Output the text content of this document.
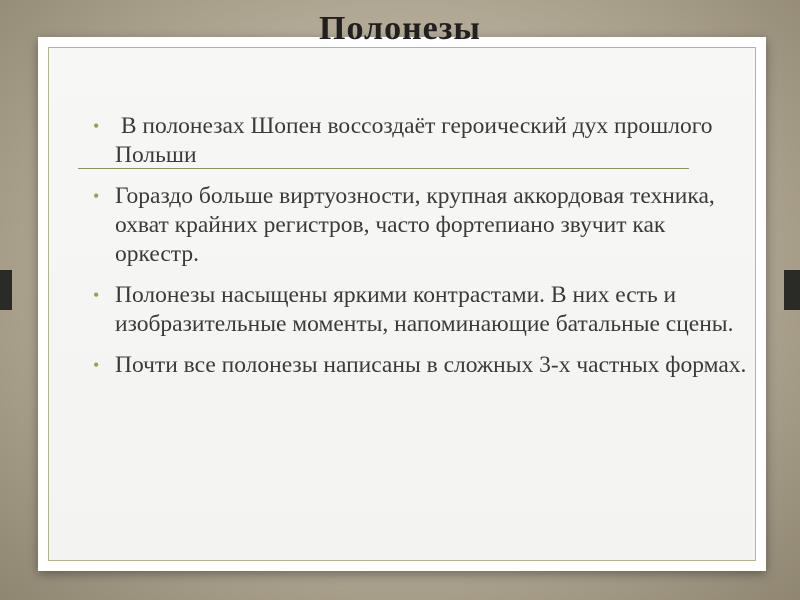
Полонезы
• В полонезах Шопен воссоздаёт героический дух прошлого Польши
• Гораздо больше виртуозности, крупная аккордовая техника, охват крайних регистров, часто фортепиано звучит как оркестр.
• Полонезы насыщены яркими контрастами. В них есть и изобразительные моменты, напоминающие батальные сцены.
• Почти все полонезы написаны в сложных 3-х частных формах.
